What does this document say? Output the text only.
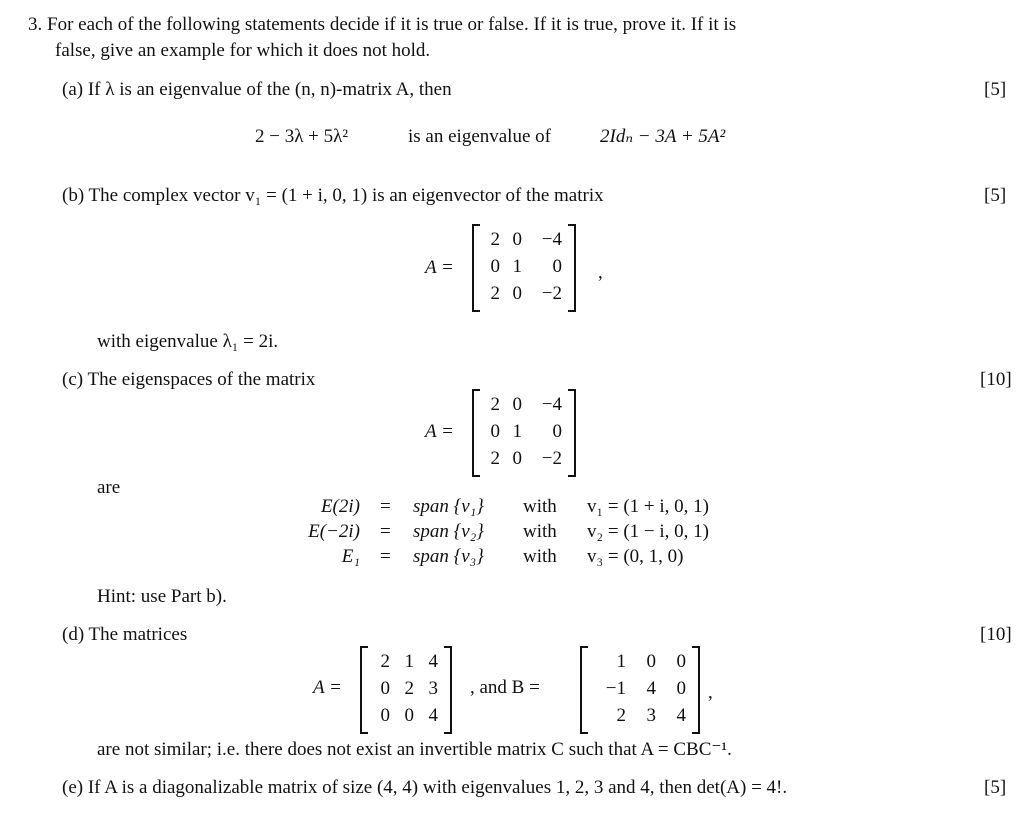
3. For each of the following statements decide if it is true or false. If it is true, prove it. If it is
false, give an example for which it does not hold.
(a) If λ is an eigenvalue of the (n, n)-matrix A, then	[5]
2 − 3λ + 5λ²	is an eigenvalue of	2Idₙ − 3A + 5A²
(b) The complex vector v₁ = (1 + i, 0, 1) is an eigenvector of the matrix	[5]
A =
2 0	−4
0 1	0
2 0	−2
,
with eigenvalue λ₁ = 2i.
(c) The eigenspaces of the matrix	[10]
A =
2 0	−4
0 1	0
2 0	−2
are
E(2i) = span {v₁} with v₁ = (1 + i, 0, 1)
E(−2i) = span {v₂} with v₂ = (1 − i, 0, 1)
E₁ = span {v₃} with v₃ = (0, 1, 0)
Hint: use Part b).
(d) The matrices	[10]
A =
2 1 4
0 2 3
0 0 4
, and B =
1	0	0
−1	4	0
2	3	4
,
are not similar; i.e. there does not exist an invertible matrix C such that A = CBC⁻¹.
(e) If A is a diagonalizable matrix of size (4, 4) with eigenvalues 1, 2, 3 and 4, then det(A) = 4!.	[5]
